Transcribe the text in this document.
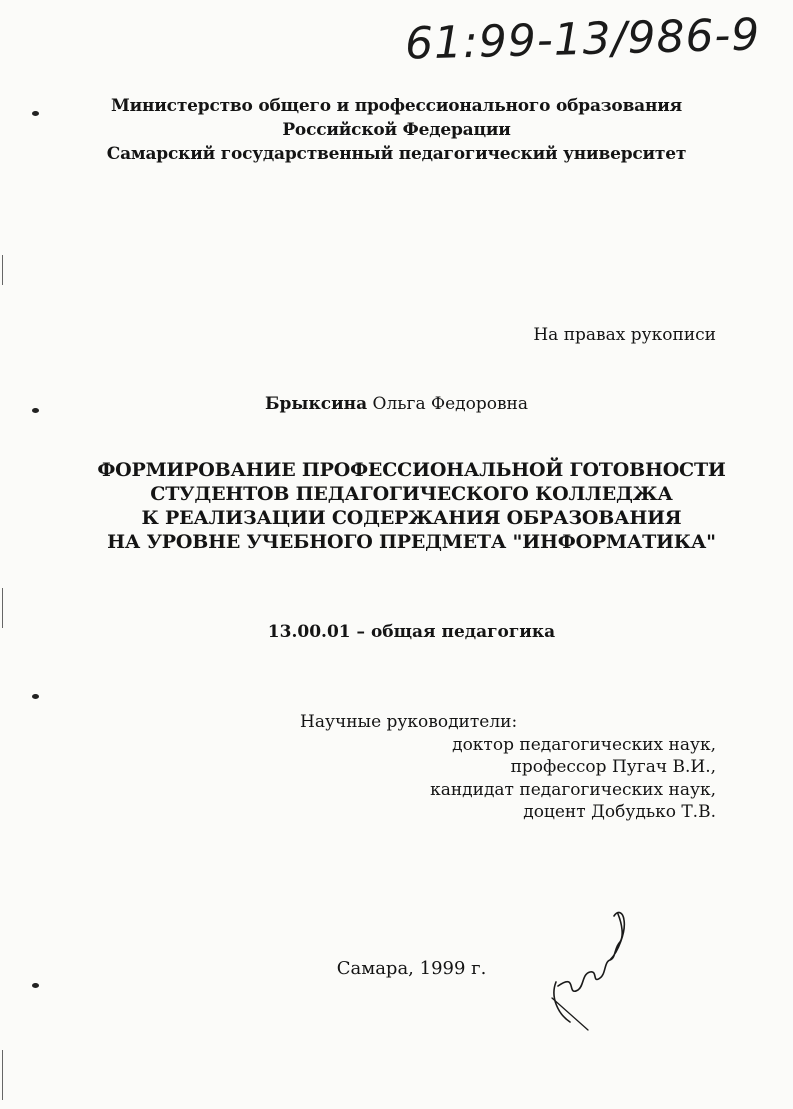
61:99-13/986-9
Министерство общего и профессионального образования
Российской Федерации
Самарский государственный педагогический университет
На правах рукописи
Брыксина Ольга Федоровна
ФОРМИРОВАНИЕ ПРОФЕССИОНАЛЬНОЙ ГОТОВНОСТИ
СТУДЕНТОВ ПЕДАГОГИЧЕСКОГО КОЛЛЕДЖА
К РЕАЛИЗАЦИИ СОДЕРЖАНИЯ ОБРАЗОВАНИЯ
НА УРОВНЕ УЧЕБНОГО ПРЕДМЕТА "ИНФОРМАТИКА"
13.00.01 – общая педагогика
Научные руководители:
доктор педагогических наук,
профессор Пугач В.И.,
кандидат педагогических наук,
доцент Добудько Т.В.
Самара, 1999 г.
